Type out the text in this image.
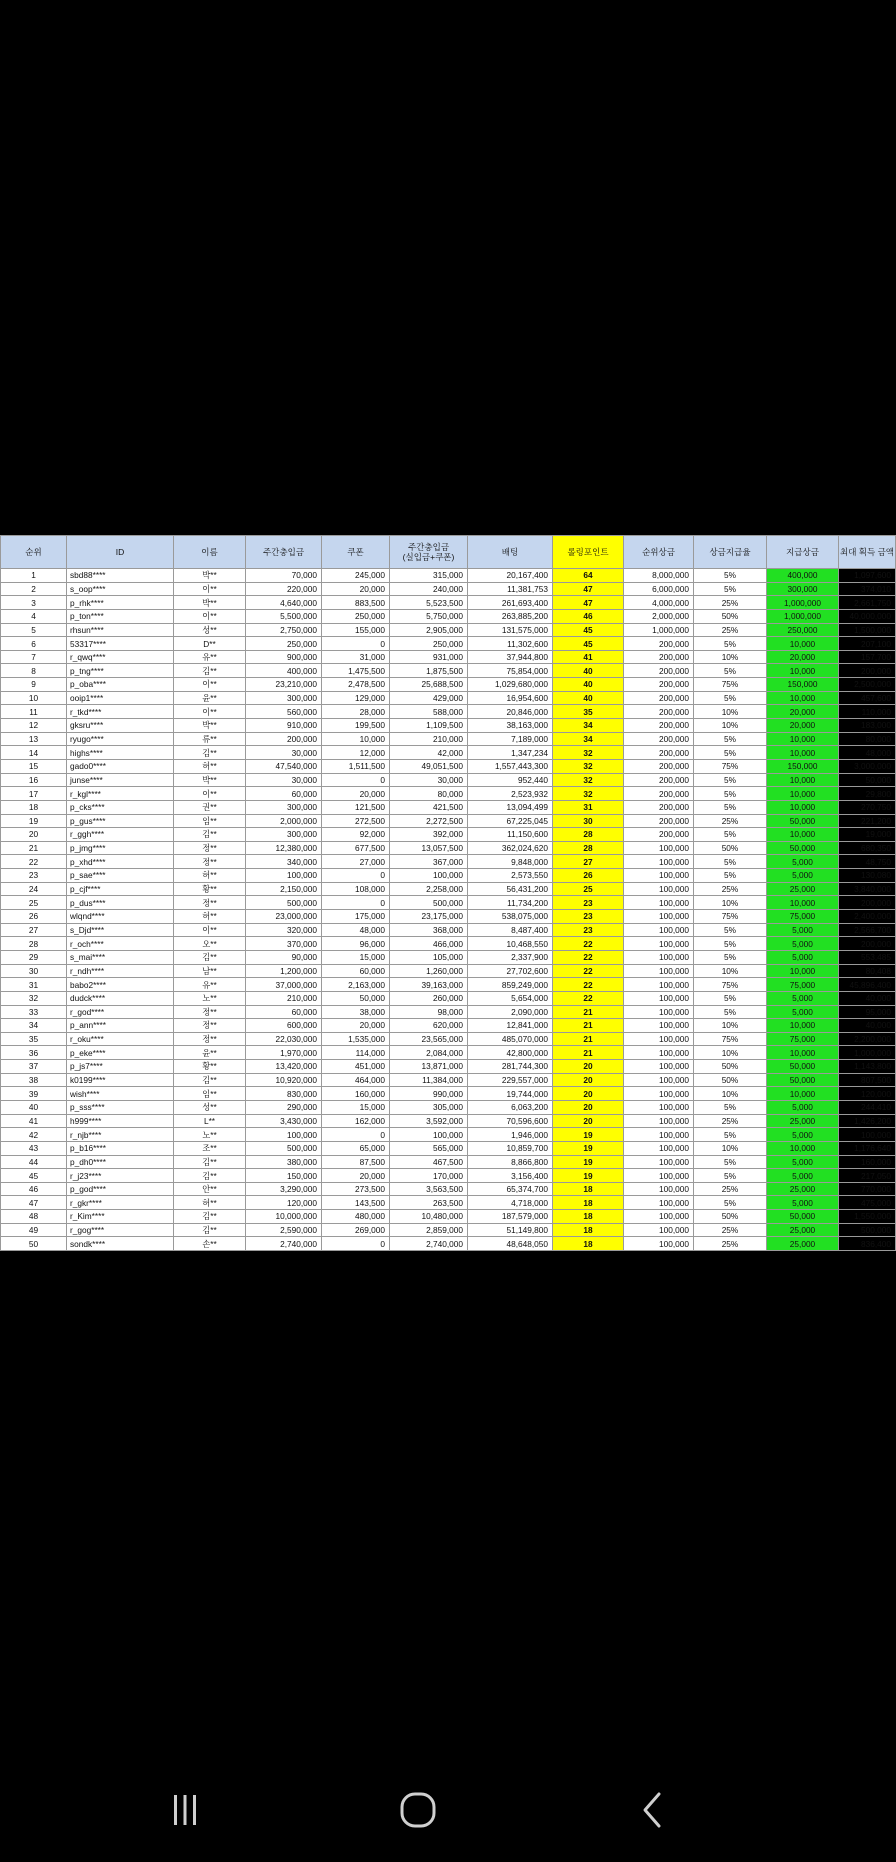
순위	ID	이름	주간충입금	쿠폰	주간충입금
(실입금+쿠폰)	배팅	롤링포인트	순위상금	상금지급율	지급상금	최대 획득 금액
1	sbd88****	박**	70,000	245,000	315,000	20,167,400	64	8,000,000	5%	400,000	1,097,600
2	s_oop****	이**	220,000	20,000	240,000	11,381,753	47	6,000,000	5%	300,000	374,010
3	p_rhk****	박**	4,640,000	883,500	5,523,500	261,693,400	47	4,000,000	25%	1,000,000	2,661,750
4	p_ton****	이**	5,500,000	250,000	5,750,000	263,885,200	46	2,000,000	50%	1,000,000	40,000,000
5	rhsun****	성**	2,750,000	155,000	2,905,000	131,575,000	45	1,000,000	25%	250,000	1,500,000
6	53317****	D**	250,000	0	250,000	11,302,600	45	200,000	5%	10,000	207,100
7	r_qwq****	유**	900,000	31,000	931,000	37,944,800	41	200,000	10%	20,000	157,700
8	p_tng****	김**	400,000	1,475,500	1,875,500	75,854,000	40	200,000	5%	10,000	200,000
9	p_oba****	이**	23,210,000	2,478,500	25,688,500	1,029,680,000	40	200,000	75%	150,000	2,500,000
10	ooip1****	윤**	300,000	129,000	429,000	16,954,600	40	200,000	5%	10,000	457,600
11	r_tkd****	이**	560,000	28,000	588,000	20,846,000	35	200,000	10%	20,000	110,000
12	gksru****	박**	910,000	199,500	1,109,500	38,163,000	34	200,000	10%	20,000	183,000
13	ryugo****	류**	200,000	10,000	210,000	7,189,000	34	200,000	5%	10,000	80,000
14	highs****	김**	30,000	12,000	42,000	1,347,234	32	200,000	5%	10,000	48,000
15	gado0****	허**	47,540,000	1,511,500	49,051,500	1,557,443,300	32	200,000	75%	150,000	3,000,000
16	junse****	박**	30,000	0	30,000	952,440	32	200,000	5%	10,000	50,000
17	r_kgl****	이**	60,000	20,000	80,000	2,523,932	32	200,000	5%	10,000	29,800
18	p_cks****	권**	300,000	121,500	421,500	13,094,499	31	200,000	5%	10,000	270,750
19	p_gus****	임**	2,000,000	272,500	2,272,500	67,225,045	30	200,000	25%	50,000	221,200
20	r_ggh****	김**	300,000	92,000	392,000	11,150,600	28	200,000	5%	10,000	19,000
21	p_jmg****	정**	12,380,000	677,500	13,057,500	362,024,620	28	100,000	50%	50,000	680,350
22	p_xhd****	정**	340,000	27,000	367,000	9,848,000	27	100,000	5%	5,000	48,750
23	p_sae****	허**	100,000	0	100,000	2,573,550	26	100,000	5%	5,000	130,080
24	p_cjf****	황**	2,150,000	108,000	2,258,000	56,431,200	25	100,000	25%	25,000	3,840,000
25	p_dus****	정**	500,000	0	500,000	11,734,200	23	100,000	10%	10,000	200,000
26	wlqnd****	허**	23,000,000	175,000	23,175,000	538,075,000	23	100,000	75%	75,000	2,400,000
27	s_Djd****	이**	320,000	48,000	368,000	8,487,400	23	100,000	5%	5,000	2,566,700
28	r_och****	오**	370,000	96,000	466,000	10,468,550	22	100,000	5%	5,000	200,000
29	s_mai****	김**	90,000	15,000	105,000	2,337,900	22	100,000	5%	5,000	553,485
30	r_ndh****	남**	1,200,000	60,000	1,260,000	27,702,600	22	100,000	10%	10,000	80,408
31	babo2****	유**	37,000,000	2,163,000	39,163,000	859,249,000	22	100,000	75%	75,000	45,896,400
32	dudck****	노**	210,000	50,000	260,000	5,654,000	22	100,000	5%	5,000	40,000
33	r_god****	정**	60,000	38,000	98,000	2,090,000	21	100,000	5%	5,000	95,000
34	p_ann****	정**	600,000	20,000	620,000	12,841,000	21	100,000	10%	10,000	40,000
35	r_oku****	정**	22,030,000	1,535,000	23,565,000	485,070,000	21	100,000	75%	75,000	2,200,000
36	p_eke****	윤**	1,970,000	114,000	2,084,000	42,800,000	21	100,000	10%	10,000	1,000,000
37	p_js7****	황**	13,420,000	451,000	13,871,000	281,744,300	20	100,000	50%	50,000	1,143,800
38	k0199****	김**	10,920,000	464,000	11,384,000	229,557,000	20	100,000	50%	50,000	807,500
39	wish****	임**	830,000	160,000	990,000	19,744,000	20	100,000	10%	10,000	120,000
40	p_sss****	성**	290,000	15,000	305,000	6,063,200	20	100,000	5%	5,000	244,410
41	h999****	L**	3,430,000	162,000	3,592,000	70,596,600	20	100,000	25%	25,000	1,426,200
42	r_njb****	노**	100,000	0	100,000	1,946,000	19	100,000	5%	5,000	100,000
43	p_b16****	조**	500,000	65,000	565,000	10,859,700	19	100,000	10%	10,000	1,176,640
44	p_dh0****	김**	380,000	87,500	467,500	8,866,800	19	100,000	5%	5,000	160,000
45	r_j23****	김**	150,000	20,000	170,000	3,156,400	19	100,000	5%	5,000	217,050
46	p_god****	안**	3,290,000	273,500	3,563,500	65,374,700	18	100,000	25%	25,000	770,000
47	r_gkr****	허**	120,000	143,500	263,500	4,718,000	18	100,000	5%	5,000	475,000
48	r_Kim****	김**	10,000,000	480,000	10,480,000	187,579,000	18	100,000	50%	50,000	1,550,000
49	r_gog****	김**	2,590,000	269,000	2,859,000	51,149,800	18	100,000	25%	25,000	500,000
50	sondk****	손**	2,740,000	0	2,740,000	48,648,050	18	100,000	25%	25,000	836,400
